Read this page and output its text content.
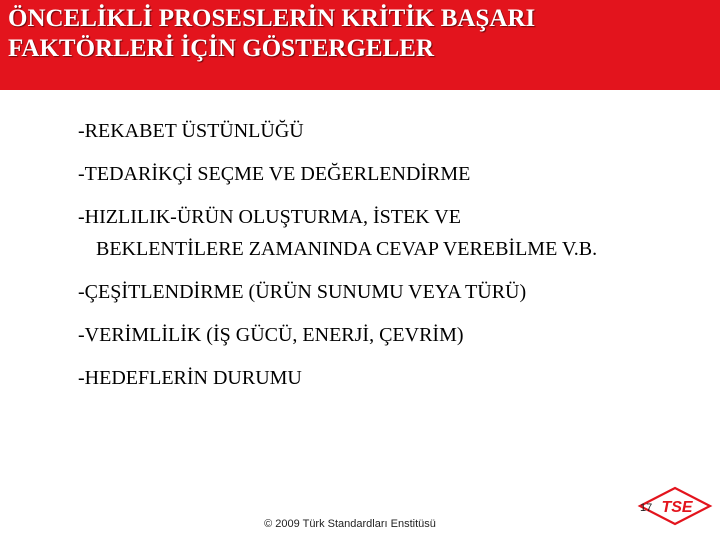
ÖNCELİKLİ PROSESLERİN KRİTİK BAŞARI
FAKTÖRLERİ İÇİN GÖSTERGELER
-REKABET ÜSTÜNLÜĞÜ
-TEDARİKÇİ SEÇME VE DEĞERLENDİRME
-HIZLILIK-ÜRÜN OLUŞTURMA, İSTEK VE
BEKLENTİLERE ZAMANINDA CEVAP VEREBİLME V.B.
-ÇEŞİTLENDİRME (ÜRÜN SUNUMU VEYA TÜRÜ)
-VERİMLİLİK (İŞ GÜCÜ, ENERJİ, ÇEVRİM)
-HEDEFLERİN DURUMU
© 2009 Türk Standardları Enstitüsü
TSE
17
